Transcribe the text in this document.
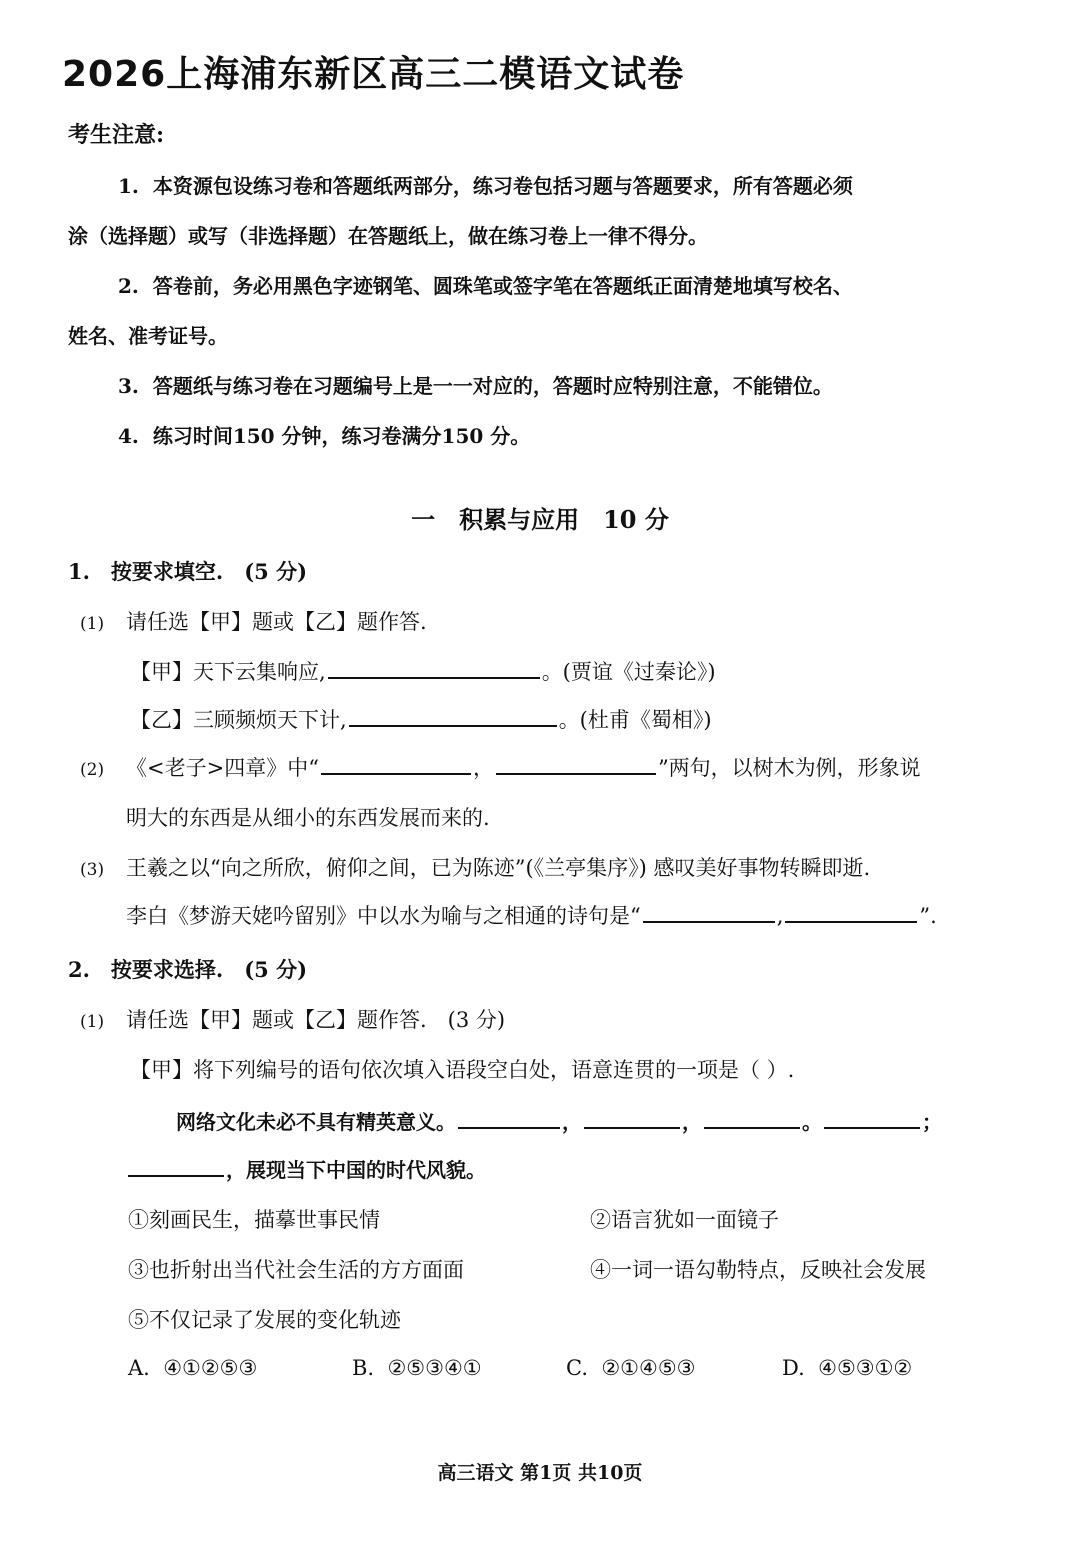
2026上海浦东新区高三二模语文试卷
考生注意:
1. 本资源包设练习卷和答题纸两部分，练习卷包括习题与答题要求，所有答题必须
涂（选择题）或写（非选择题）在答题纸上，做在练习卷上一律不得分。
2. 答卷前，务必用黑色字迹钢笔、圆珠笔或签字笔在答题纸正面清楚地填写校名、
姓名、准考证号。
3. 答题纸与练习卷在习题编号上是一一对应的，答题时应特别注意，不能错位。
4. 练习时间150 分钟，练习卷满分150 分。
一　积累与应用　10 分
1.　按要求填空.　(5 分)
(1) 请任选【甲】题或【乙】题作答.
【甲】天下云集响应,	。(贾谊《过秦论》)
【乙】三顾频烦天下计,	。(杜甫《蜀相》)
(2) 《<老子>四章》中“	，	”两句，以树木为例，形象说
明大的东西是从细小的东西发展而来的.
(3) 王羲之以“向之所欣，俯仰之间，已为陈迹”(《兰亭集序》) 感叹美好事物转瞬即逝.
李白《梦游天姥吟留别》中以水为喻与之相通的诗句是“	,	”.
2.　按要求选择.　(5 分)
(1) 请任选【甲】题或【乙】题作答.　(3 分)
【甲】将下列编号的语句依次填入语段空白处，语意连贯的一项是（ ）.
网络文化未必不具有精英意义。	，	，	。	；
，展现当下中国的时代风貌。
①刻画民生，描摹世事民情	②语言犹如一面镜子
③也折射出当代社会生活的方方面面	④一词一语勾勒特点，反映社会发展
⑤不仅记录了发展的变化轨迹
A. ④①②⑤③	B. ②⑤③④①	C. ②①④⑤③	D. ④⑤③①②
高三语文 第1页 共10页
